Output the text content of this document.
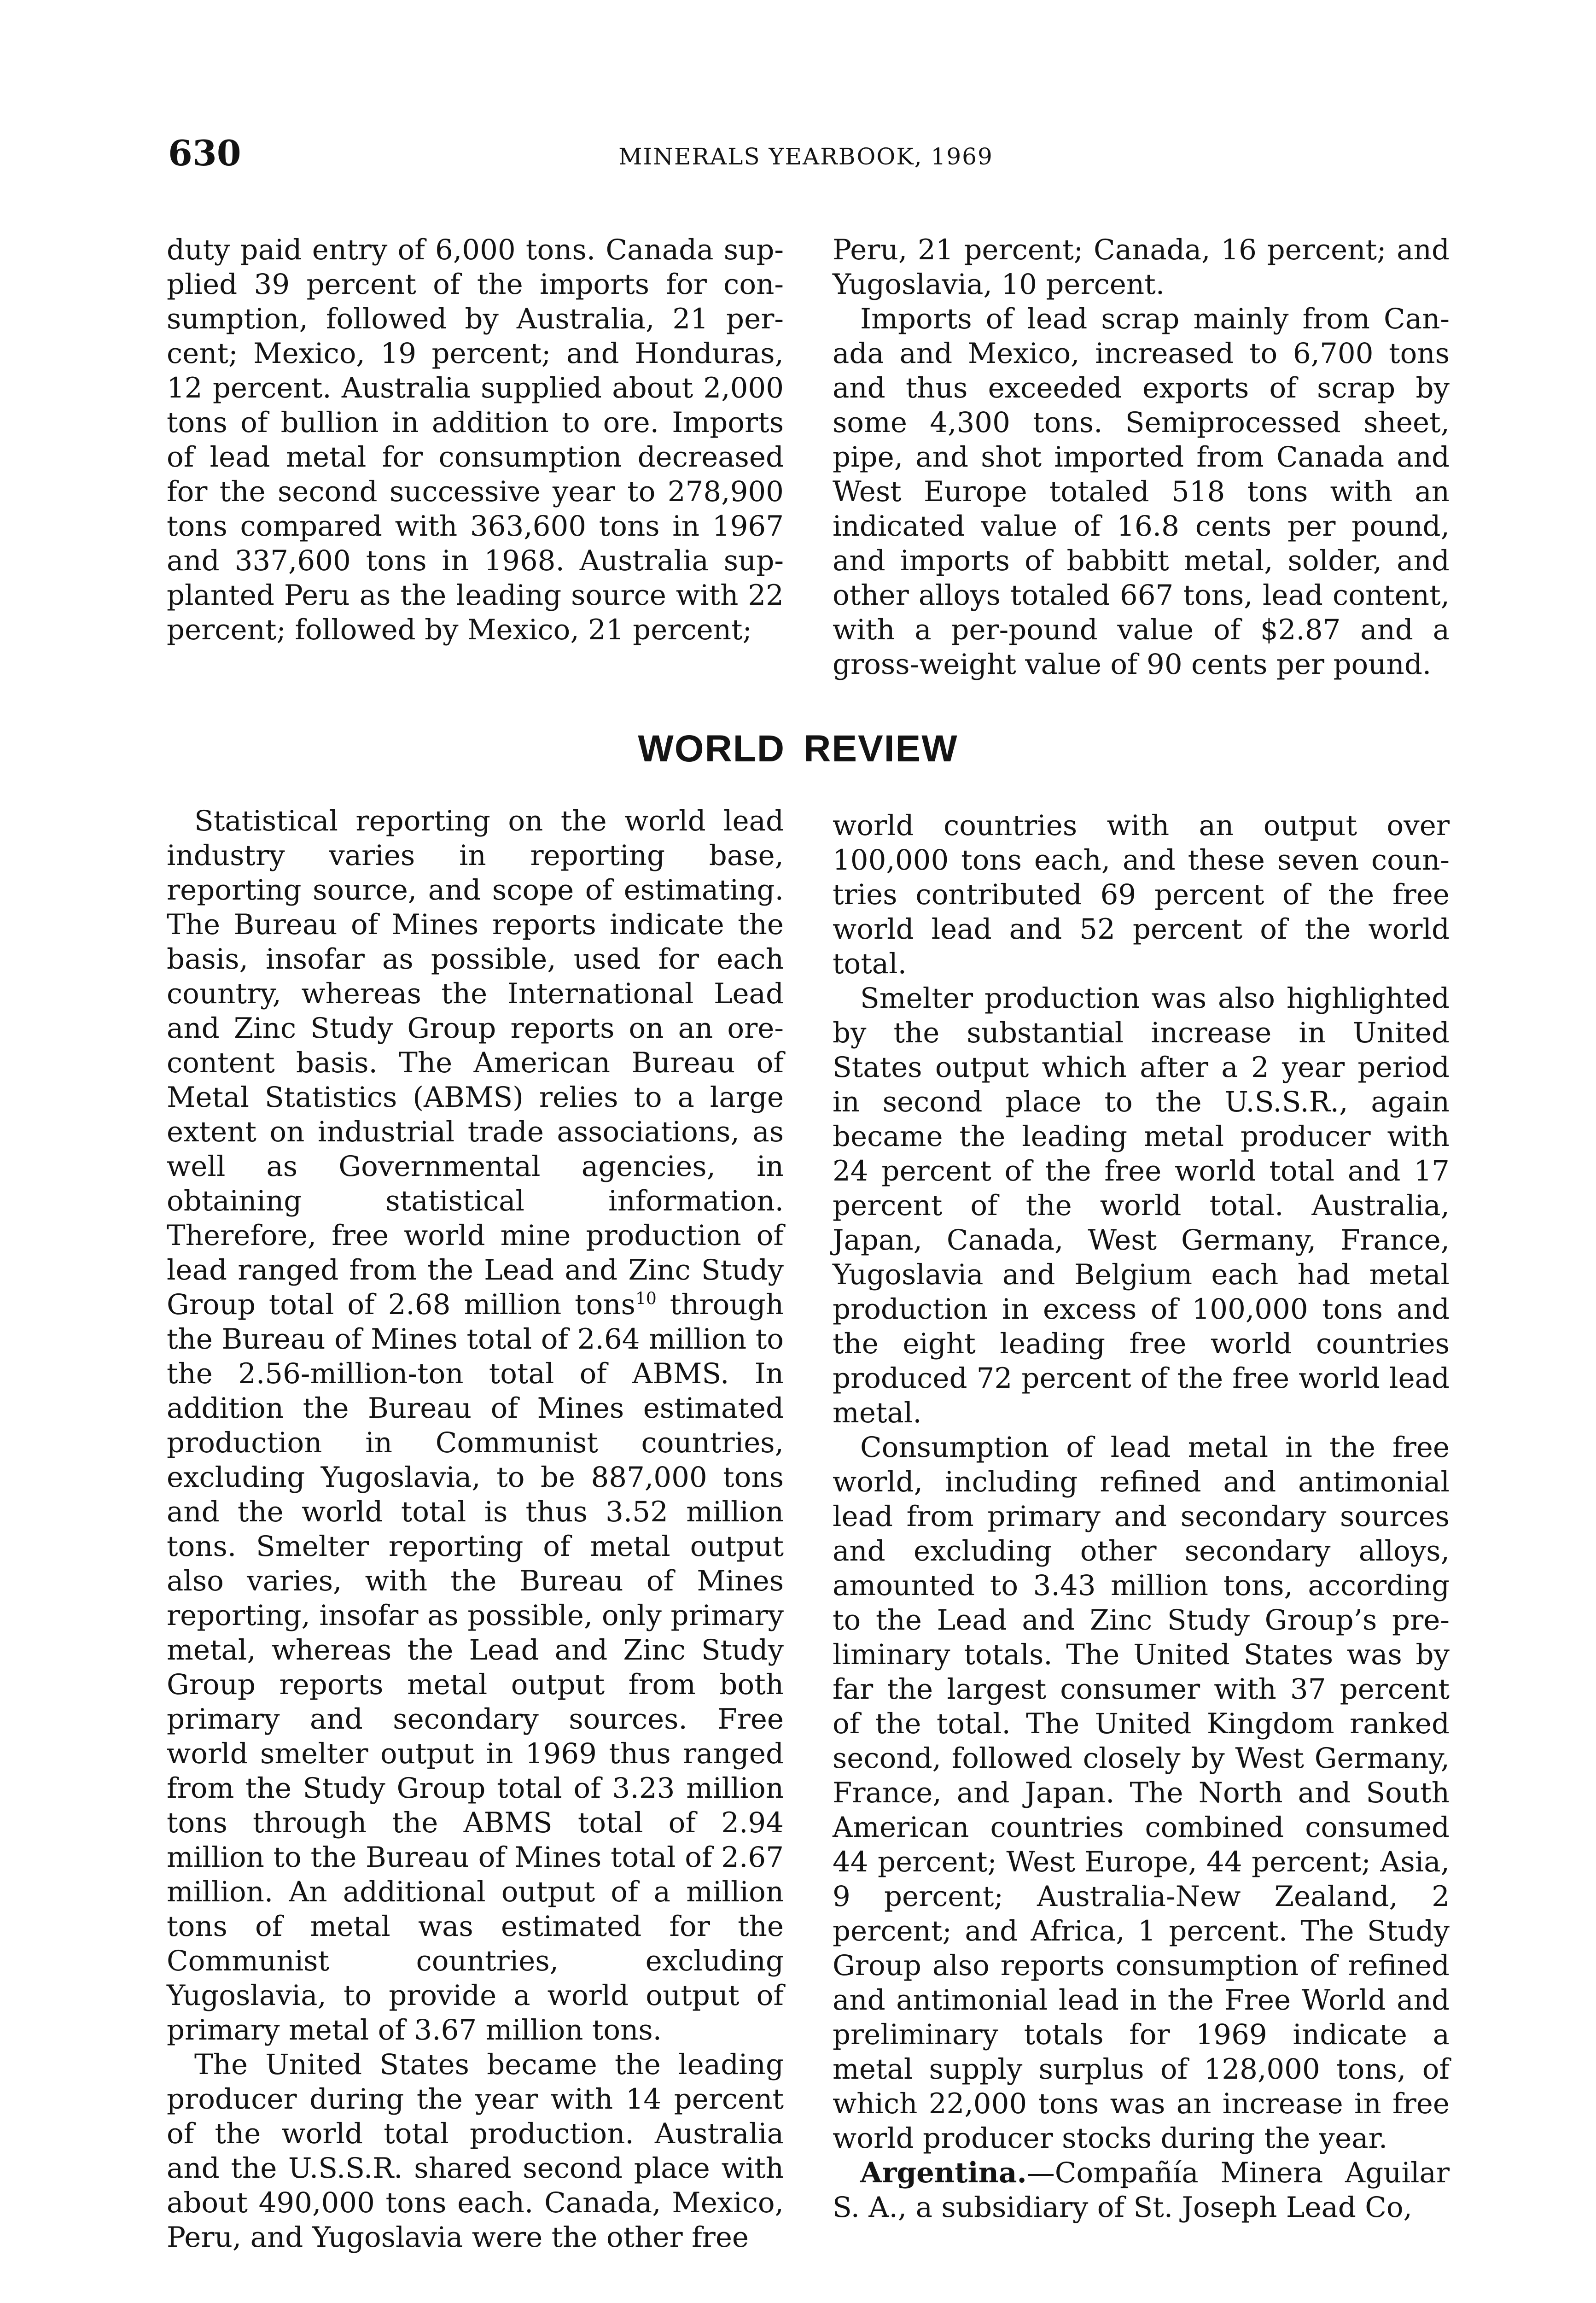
630	MINERALS YEARBOOK, 1969

duty paid entry of 6,000 tons. Canada supplied 39 percent of the imports for consumption, followed by Australia, 21 percent; Mexico, 19 percent; and Honduras, 12 percent. Australia supplied about 2,000 tons of bullion in addition to ore. Imports of lead metal for consumption decreased for the second successive year to 278,900 tons compared with 363,600 tons in 1967 and 337,600 tons in 1968. Australia supplanted Peru as the leading source with 22 percent; followed by Mexico, 21 percent;

Peru, 21 percent; Canada, 16 percent; and Yugoslavia, 10 percent.

Imports of lead scrap mainly from Canada and Mexico, increased to 6,700 tons and thus exceeded exports of scrap by some 4,300 tons. Semiprocessed sheet, pipe, and shot imported from Canada and West Europe totaled 518 tons with an indicated value of 16.8 cents per pound, and imports of babbitt metal, solder, and other alloys totaled 667 tons, lead content, with a per-pound value of $2.87 and a gross-weight value of 90 cents per pound.

WORLD REVIEW

Statistical reporting on the world lead industry varies in reporting base, reporting source, and scope of estimating. The Bureau of Mines reports indicate the basis, insofar as possible, used for each country, whereas the International Lead and Zinc Study Group reports on an ore-content basis. The American Bureau of Metal Statistics (ABMS) relies to a large extent on industrial trade associations, as well as Governmental agencies, in obtaining statistical information. Therefore, free world mine production of lead ranged from the Lead and Zinc Study Group total of 2.68 million tons$^{10}$ through the Bureau of Mines total of 2.64 million to the 2.56-million-ton total of ABMS. In addition the Bureau of Mines estimated production in Communist countries, excluding Yugoslavia, to be 887,000 tons and the world total is thus 3.52 million tons. Smelter reporting of metal output also varies, with the Bureau of Mines reporting, insofar as possible, only primary metal, whereas the Lead and Zinc Study Group reports metal output from both primary and secondary sources. Free world smelter output in 1969 thus ranged from the Study Group total of 3.23 million tons through the ABMS total of 2.94 million to the Bureau of Mines total of 2.67 million. An additional output of a million tons of metal was estimated for the Communist countries, excluding Yugoslavia, to provide a world output of primary metal of 3.67 million tons.

The United States became the leading producer during the year with 14 percent of the world total production. Australia and the U.S.S.R. shared second place with about 490,000 tons each. Canada, Mexico, Peru, and Yugoslavia were the other free

world countries with an output over 100,000 tons each, and these seven countries contributed 69 percent of the free world lead and 52 percent of the world total.

Smelter production was also highlighted by the substantial increase in United States output which after a 2 year period in second place to the U.S.S.R., again became the leading metal producer with 24 percent of the free world total and 17 percent of the world total. Australia, Japan, Canada, West Germany, France, Yugoslavia and Belgium each had metal production in excess of 100,000 tons and the eight leading free world countries produced 72 percent of the free world lead metal.

Consumption of lead metal in the free world, including refined and antimonial lead from primary and secondary sources and excluding other secondary alloys, amounted to 3.43 million tons, according to the Lead and Zinc Study Group’s preliminary totals. The United States was by far the largest consumer with 37 percent of the total. The United Kingdom ranked second, followed closely by West Germany, France, and Japan. The North and South American countries combined consumed 44 percent; West Europe, 44 percent; Asia, 9 percent; Australia-New Zealand, 2 percent; and Africa, 1 percent. The Study Group also reports consumption of refined and antimonial lead in the Free World and preliminary totals for 1969 indicate a metal supply surplus of 128,000 tons, of which 22,000 tons was an increase in free world producer stocks during the year.

Argentina.—Compañía Minera Aguilar S. A., a subsidiary of St. Joseph Lead Co,
